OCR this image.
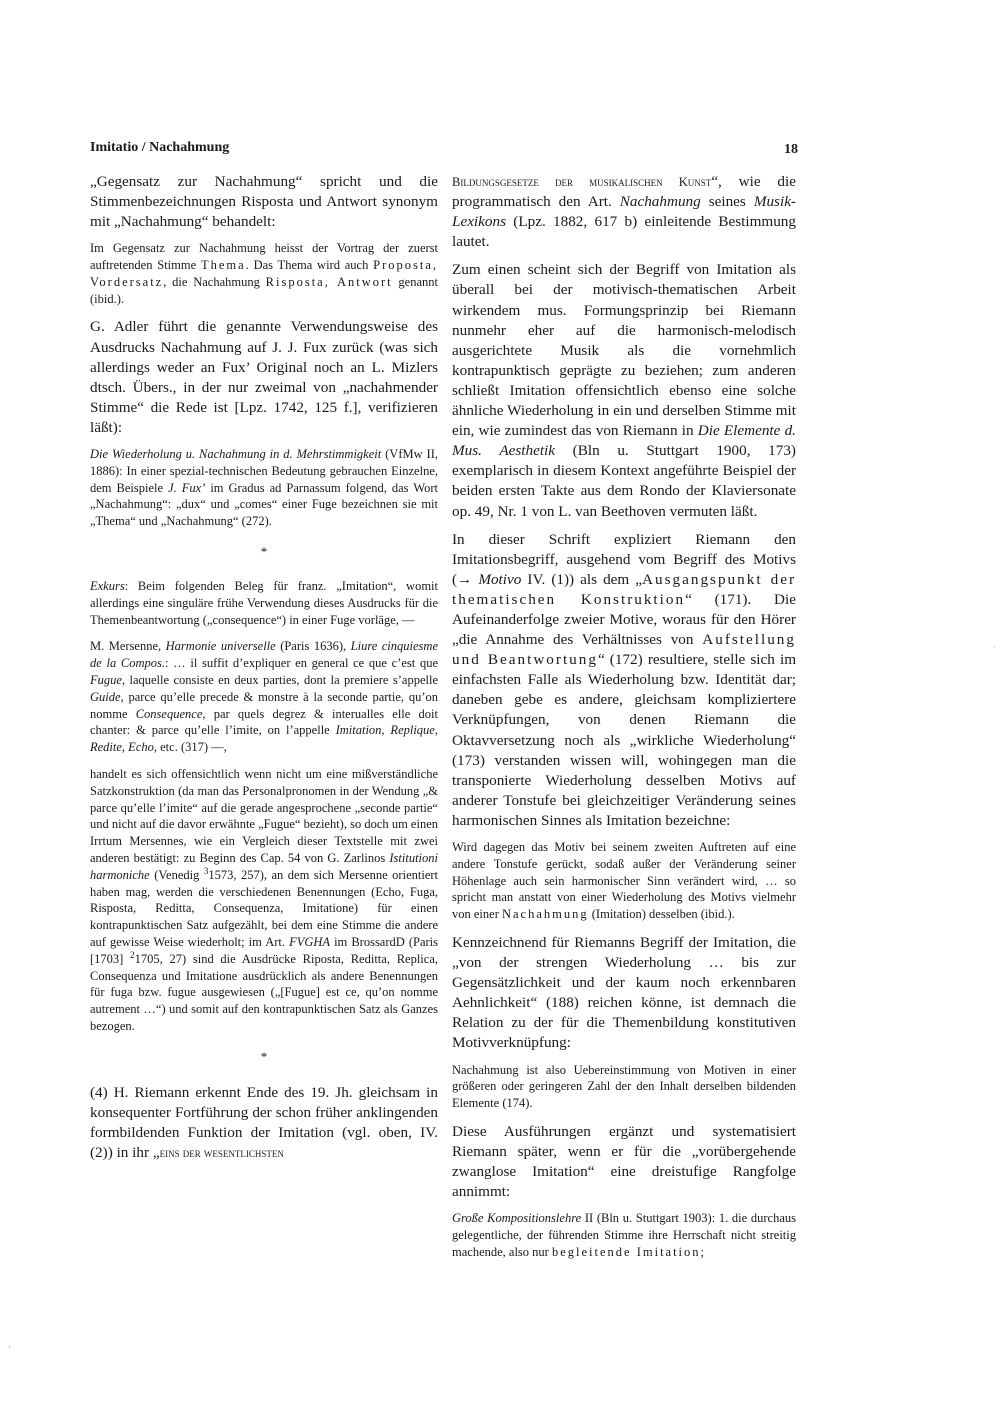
Imitatio / Nachahmung	18

„Gegensatz zur Nachahmung“ spricht und die Stimmenbezeichnungen Risposta und Antwort synonym mit „Nachahmung“ behandelt:

Im Gegensatz zur Nachahmung heisst der Vortrag der zuerst auftretenden Stimme Thema. Das Thema wird auch Proposta, Vordersatz, die Nachahmung Risposta, Antwort genannt (ibid.).

G. Adler führt die genannte Verwendungsweise des Ausdrucks Nachahmung auf J. J. Fux zurück (was sich allerdings weder an Fux’ Original noch an L. Mizlers dtsch. Übers., in der nur zweimal von „nachahmender Stimme“ die Rede ist [Lpz. 1742, 125 f.], verifizieren läßt):

Die Wiederholung u. Nachahmung in d. Mehrstimmigkeit (VfMw II, 1886): In einer spezial-technischen Bedeutung gebrauchen Einzelne, dem Beispiele J. Fux’ im Gradus ad Parnassum folgend, das Wort „Nachahmung“: „dux“ und „comes“ einer Fuge bezeichnen sie mit „Thema“ und „Nachahmung“ (272).

*

Exkurs: Beim folgenden Beleg für franz. „Imitation“, womit allerdings eine singuläre frühe Verwendung dieses Ausdrucks für die Themenbeantwortung („consequence“) in einer Fuge vorläge, —

M. Mersenne, Harmonie universelle (Paris 1636), Liure cinquiesme de la Compos.: … il suffit d’expliquer en general ce que c’est que Fugue, laquelle consiste en deux parties, dont la premiere s’appelle Guide, parce qu’elle precede & monstre à la seconde partie, qu’on nomme Consequence, par quels degrez & interualles elle doit chanter: & parce qu’elle l’imite, on l’appelle Imitation, Replique, Redite, Echo, etc. (317) —,

handelt es sich offensichtlich wenn nicht um eine mißverständliche Satzkonstruktion (da man das Personalpronomen in der Wendung „& parce qu’elle l’imite“ auf die gerade angesprochene „seconde partie“ und nicht auf die davor erwähnte „Fugue“ bezieht), so doch um einen Irrtum Mersennes, wie ein Vergleich dieser Textstelle mit zwei anderen bestätigt: zu Beginn des Cap. 54 von G. Zarlinos Istitutioni harmoniche (Venedig $^3$1573, 257), an dem sich Mersenne orientiert haben mag, werden die verschiedenen Benennungen (Echo, Fuga, Risposta, Reditta, Consequenza, Imitatione) für einen kontrapunktischen Satz aufgezählt, bei dem eine Stimme die andere auf gewisse Weise wiederholt; im Art. FVGHA im BrossardD (Paris [1703] $^2$1705, 27) sind die Ausdrücke Riposta, Reditta, Replica, Consequenza und Imitatione ausdrücklich als andere Benennungen für fuga bzw. fugue ausgewiesen („[Fugue] est ce, qu’on nomme autrement …“) und somit auf den kontrapunktischen Satz als Ganzes bezogen.

*

(4) H. Riemann erkennt Ende des 19. Jh. gleichsam in konsequenter Fortführung der schon früher anklingenden formbildenden Funktion der Imitation (vgl. oben, IV. (2)) in ihr „eins der wesentlichsten

Bildungsgesetze der musikalischen Kunst“, wie die programmatisch den Art. Nachahmung seines Musik-Lexikons (Lpz. 1882, 617 b) einleitende Bestimmung lautet.

Zum einen scheint sich der Begriff von Imitation als überall bei der motivisch-thematischen Arbeit wirkendem mus. Formungsprinzip bei Riemann nunmehr eher auf die harmonisch-melodisch ausgerichtete Musik als die vornehmlich kontrapunktisch geprägte zu beziehen; zum anderen schließt Imitation offensichtlich ebenso eine solche ähnliche Wiederholung in ein und derselben Stimme mit ein, wie zumindest das von Riemann in Die Elemente d. Mus. Aesthetik (Bln u. Stuttgart 1900, 173) exemplarisch in diesem Kontext angeführte Beispiel der beiden ersten Takte aus dem Rondo der Klaviersonate op. 49, Nr. 1 von L. van Beethoven vermuten läßt.

In dieser Schrift expliziert Riemann den Imitationsbegriff, ausgehend vom Begriff des Motivs (→ Motivo IV. (1)) als dem „Ausgangspunkt der thematischen Konstruktion“ (171). Die Aufeinanderfolge zweier Motive, woraus für den Hörer „die Annahme des Verhältnisses von Aufstellung und Beantwortung“ (172) resultiere, stelle sich im einfachsten Falle als Wiederholung bzw. Identität dar; daneben gebe es andere, gleichsam kompliziertere Verknüpfungen, von denen Riemann die Oktavversetzung noch als „wirkliche Wiederholung“ (173) verstanden wissen will, wohingegen man die transponierte Wiederholung desselben Motivs auf anderer Tonstufe bei gleichzeitiger Veränderung seines harmonischen Sinnes als Imitation bezeichne:

Wird dagegen das Motiv bei seinem zweiten Auftreten auf eine andere Tonstufe gerückt, sodaß außer der Veränderung seiner Höhenlage auch sein harmonischer Sinn verändert wird, … so spricht man anstatt von einer Wiederholung des Motivs vielmehr von einer Nachahmung (Imitation) desselben (ibid.).

Kennzeichnend für Riemanns Begriff der Imitation, die „von der strengen Wiederholung … bis zur Gegensätzlichkeit und der kaum noch erkennbaren Aehnlichkeit“ (188) reichen könne, ist demnach die Relation zu der für die Themenbildung konstitutiven Motivverknüpfung:

Nachahmung ist also Uebereinstimmung von Motiven in einer größeren oder geringeren Zahl der den Inhalt derselben bildenden Elemente (174).

Diese Ausführungen ergänzt und systematisiert Riemann später, wenn er für die „vorübergehende zwanglose Imitation“ eine dreistufige Rangfolge annimmt:

Große Kompositionslehre II (Bln u. Stuttgart 1903): 1. die durchaus gelegentliche, der führenden Stimme ihre Herrschaft nicht streitig machende, also nur begleitende Imitation;

`
·
